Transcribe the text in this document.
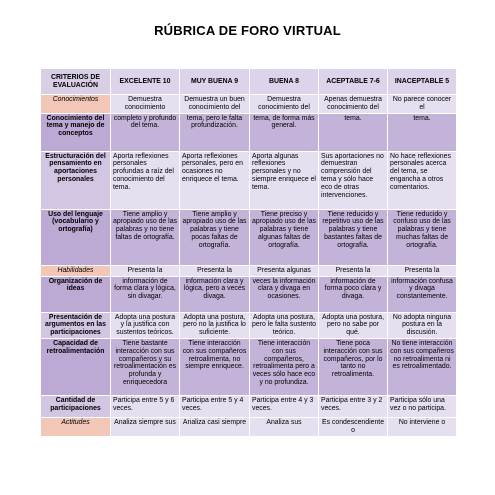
RÚBRICA DE FORO VIRTUAL
CRITERIOS DE EVALUACIÓN	EXCELENTE 10	MUY BUENA 9	BUENA 8	ACEPTABLE 7-6	INACEPTABLE 5
Conocimientos	Demuestra conocimiento	Demuestra un buen conocimiento del	Demuestra conocimiento del	Apenas demuestra conocimiento del	No parece conocer el
Conocimiento del tema y manejo de conceptos	completo y profundo del tema.	tema, pero le falta profundización.	tema, de forma más general.	tema.	tema.
Estructuración del pensamiento en aportaciones personales	Aporta reflexiones personales profundas a raíz del conocimiento del tema.	Aporta reflexiones personales, pero en ocasiones no enriquece el tema.	Aporta algunas reflexiones personales y no siempre enriquece el tema.	Sus aportaciones no demuestran comprensión del tema y sólo hace eco de otras intervenciones.	No hace reflexiones personales acerca del tema, se engancha a otros comentarios.
Uso del lenguaje (vocabulario y ortografía)	Tiene amplio y apropiado uso de las palabras y no tiene faltas de ortografía.	Tiene amplio y apropiado uso de las palabras y tiene pocas faltas de ortografía.	Tiene preciso y apropiado uso de las palabras y tiene algunas faltas de ortografía.	Tiene reducido y repetitivo uso de las palabras y tiene bastantes faltas de ortografía.	Tiene reducido y confuso uso de las palabras y tiene muchas faltas de ortografía.
Habilidades	Presenta la	Presenta la	Presenta algunas	Presenta la	Presenta la
Organización de ideas	información de forma clara y lógica, sin divagar.	información clara y lógica, pero a veces divaga.	veces la información clara y divaga en ocasiones.	información de forma poco clara y divaga.	información confusa y divaga constantemente.
Presentación de argumentos en las participaciones	Adopta una postura y la justifica con sustentos teóricos.	Adopta una postura, pero no la justifica lo suficiente.	Adopta una postura, pero le falta sustento teórico.	Adopta una postura, pero no sabe por qué.	No adopta ninguna postura en la discusión.
Capacidad de retroalimentación	Tiene bastante interacción con sus compañeros y su retroalimentación es profunda y enriquecedora	Tiene interacción con sus compañeros retroalimenta, no siempre enriquece.	Tiene interacción con sus compañeros, retroalimenta pero a veces sólo hace eco y no profundiza.	Tiene poca interacción con sus compañeros, por lo tanto no retroalimenta.	No tiene interacción con sus compañeros no retroalimenta ni es retroalimentado.
Cantidad de participaciones	Participa entre 5 y 6 veces.	Participa entre 5 y 4 veces.	Participa entre 4 y 3 veces.	Participa entre 3 y 2 veces.	Participa sólo una vez o no participa.
Actitudes	Analiza siempre sus	Analiza casi siempre	Analiza sus	Es condescendiente o	No interviene o
